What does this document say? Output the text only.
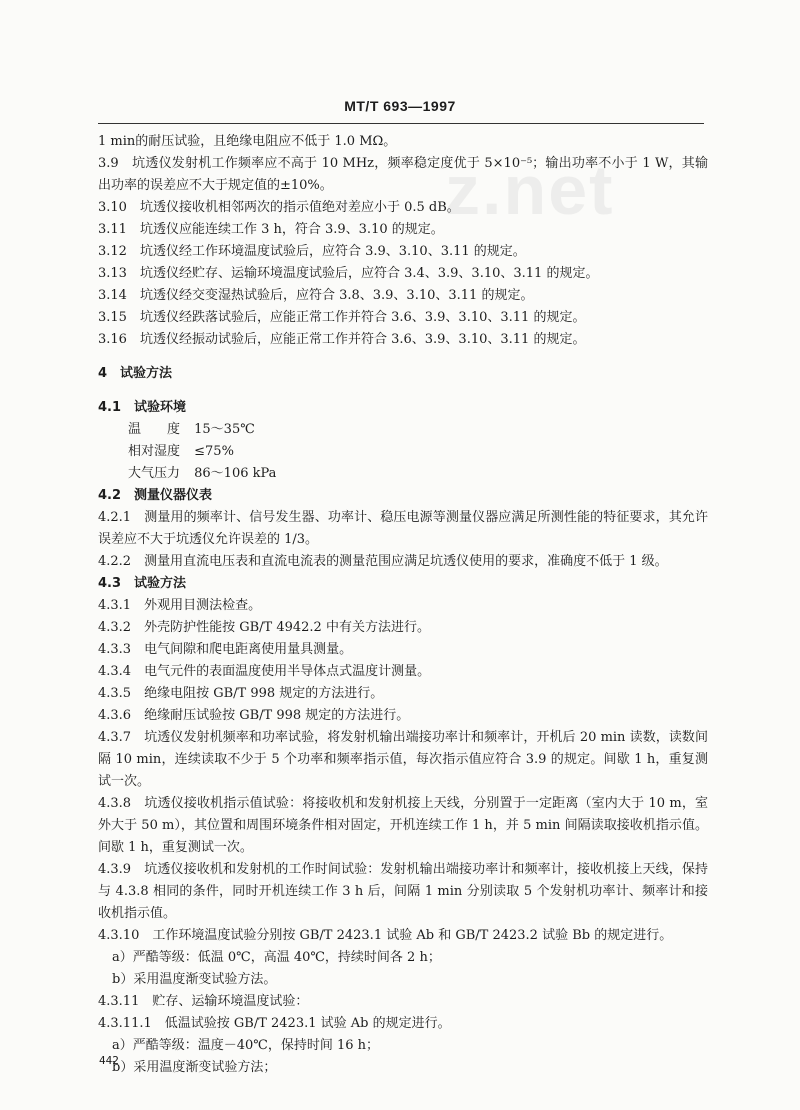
z.net
MT/T 693—1997

1 min的耐压试验，且绝缘电阻应不低于 1.0 MΩ。

3.9　坑透仪发射机工作频率应不高于 10 MHz，频率稳定度优于 5×10⁻⁵；输出功率不小于 1 W，其输出功率的误差应不大于规定值的±10%。

3.10　坑透仪接收机相邻两次的指示值绝对差应小于 0.5 dB。

3.11　坑透仪应能连续工作 3 h，符合 3.9、3.10 的规定。

3.12　坑透仪经工作环境温度试验后，应符合 3.9、3.10、3.11 的规定。

3.13　坑透仪经贮存、运输环境温度试验后，应符合 3.4、3.9、3.10、3.11 的规定。

3.14　坑透仪经交变湿热试验后，应符合 3.8、3.9、3.10、3.11 的规定。

3.15　坑透仪经跌落试验后，应能正常工作并符合 3.6、3.9、3.10、3.11 的规定。

3.16　坑透仪经振动试验后，应能正常工作并符合 3.6、3.9、3.10、3.11 的规定。

4　试验方法

4.1　试验环境

温　　度 15～35℃

相对湿度 ≤75%

大气压力 86～106 kPa

4.2　测量仪器仪表

4.2.1　测量用的频率计、信号发生器、功率计、稳压电源等测量仪器应满足所测性能的特征要求，其允许误差应不大于坑透仪允许误差的 1/3。

4.2.2　测量用直流电压表和直流电流表的测量范围应满足坑透仪使用的要求，准确度不低于 1 级。

4.3　试验方法

4.3.1　外观用目测法检查。

4.3.2　外壳防护性能按 GB/T 4942.2 中有关方法进行。

4.3.3　电气间隙和爬电距离使用量具测量。

4.3.4　电气元件的表面温度使用半导体点式温度计测量。

4.3.5　绝缘电阻按 GB/T 998 规定的方法进行。

4.3.6　绝缘耐压试验按 GB/T 998 规定的方法进行。

4.3.7　坑透仪发射机频率和功率试验，将发射机输出端接功率计和频率计，开机后 20 min 读数，读数间隔 10 min，连续读取不少于 5 个功率和频率指示值，每次指示值应符合 3.9 的规定。间歇 1 h，重复测试一次。

4.3.8　坑透仪接收机指示值试验：将接收机和发射机接上天线，分别置于一定距离（室内大于 10 m，室外大于 50 m），其位置和周围环境条件相对固定，开机连续工作 1 h，并 5 min 间隔读取接收机指示值。间歇 1 h，重复测试一次。

4.3.9　坑透仪接收机和发射机的工作时间试验：发射机输出端接功率计和频率计，接收机接上天线，保持与 4.3.8 相同的条件，同时开机连续工作 3 h 后，间隔 1 min 分别读取 5 个发射机功率计、频率计和接收机指示值。

4.3.10　工作环境温度试验分别按 GB/T 2423.1 试验 Ab 和 GB/T 2423.2 试验 Bb 的规定进行。

a）严酷等级：低温 0℃，高温 40℃，持续时间各 2 h；

b）采用温度渐变试验方法。

4.3.11　贮存、运输环境温度试验：

4.3.11.1　低温试验按 GB/T 2423.1 试验 Ab 的规定进行。

a）严酷等级：温度－40℃，保持时间 16 h；

b）采用温度渐变试验方法；

442
